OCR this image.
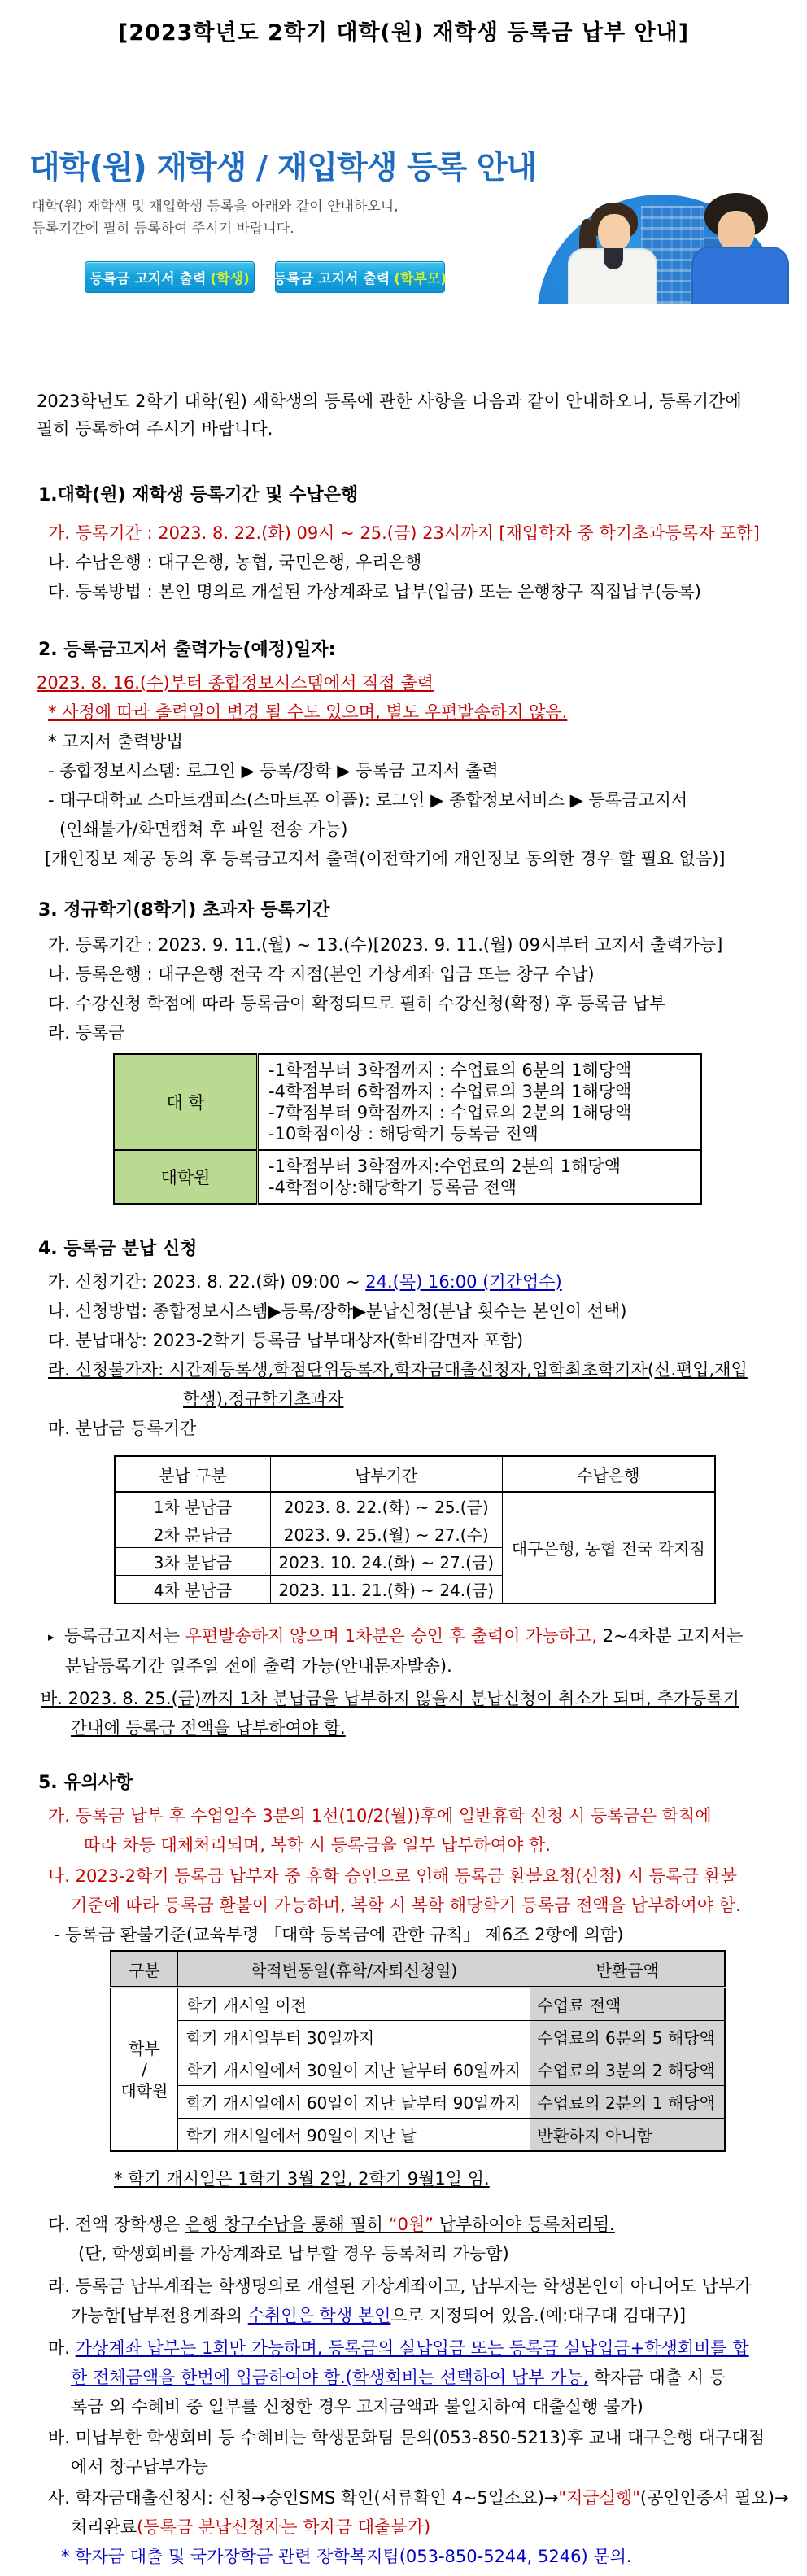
[2023학년도 2학기 대학(원) 재학생 등록금 납부 안내]
대학(원) 재학생 / 재입학생 등록 안내
대학(원) 재학생 및 재입학생 등록을 아래와 같이 안내하오니,
등록기간에 필히 등록하여 주시기 바랍니다.
등록금 고지서 출력 (학생) 등록금 고지서 출력 (학부모)
2023학년도 2학기 대학(원) 재학생의 등록에 관한 사항을 다음과 같이 안내하오니, 등록기간에
필히 등록하여 주시기 바랍니다.
1.대학(원) 재학생 등록기간 및 수납은행
가. 등록기간 : 2023. 8. 22.(화) 09시 ~ 25.(금) 23시까지 [재입학자 중 학기초과등록자 포함]
나. 수납은행 : 대구은행, 농협, 국민은행, 우리은행
다. 등록방법 : 본인 명의로 개설된 가상계좌로 납부(입금) 또는 은행창구 직접납부(등록)
2. 등록금고지서 출력가능(예정)일자:
2023. 8. 16.(수)부터 종합정보시스템에서 직접 출력
* 사정에 따라 출력일이 변경 될 수도 있으며, 별도 우편발송하지 않음.
* 고지서 출력방법
- 종합정보시스템: 로그인 ▶ 등록/장학 ▶ 등록금 고지서 출력
- 대구대학교 스마트캠퍼스(스마트폰 어플): 로그인 ▶ 종합정보서비스 ▶ 등록금고지서
(인쇄불가/화면캡쳐 후 파일 전송 가능)
[개인정보 제공 동의 후 등록금고지서 출력(이전학기에 개인정보 동의한 경우 할 필요 없음)]
3. 정규학기(8학기) 초과자 등록기간
가. 등록기간 : 2023. 9. 11.(월) ~ 13.(수)[2023. 9. 11.(월) 09시부터 고지서 출력가능]
나. 등록은행 : 대구은행 전국 각 지점(본인 가상계좌 입금 또는 창구 수납)
다. 수강신청 학점에 따라 등록금이 확정되므로 필히 수강신청(확정) 후 등록금 납부
라. 등록금
대 학	-1학점부터 3학점까지 : 수업료의 6분의 1해당액
-4학점부터 6학점까지 : 수업료의 3분의 1해당액
-7학점부터 9학점까지 : 수업료의 2분의 1해당액
-10학점이상 : 해당학기 등록금 전액

대학원	-1학점부터 3학점까지:수업료의 2분의 1해당액
-4학점이상:해당학기 등록금 전액
4. 등록금 분납 신청
가. 신청기간: 2023. 8. 22.(화) 09:00 ~ 24.(목) 16:00 (기간엄수)
나. 신청방법: 종합정보시스템▶등록/장학▶분납신청(분납 횟수는 본인이 선택)
다. 분납대상: 2023-2학기 등록금 납부대상자(학비감면자 포함)
라. 신청불가자: 시간제등록생,학점단위등록자,학자금대출신청자,입학최초학기자(신.편입,재입
학생),정규학기초과자
마. 분납금 등록기간
분납 구분	납부기간	수납은행
1차 분납금	2023. 8. 22.(화) ~ 25.(금)	대구은행, 농협 전국 각지점
2차 분납금	2023. 9. 25.(월) ~ 27.(수)	
3차 분납금	2023. 10. 24.(화) ~ 27.(금)	
4차 분납금	2023. 11. 21.(화) ~ 24.(금)	
▸ 등록금고지서는 우편발송하지 않으며 1차분은 승인 후 출력이 가능하고, 2~4차분 고지서는
분납등록기간 일주일 전에 출력 가능(안내문자발송).
바. 2023. 8. 25.(금)까지 1차 분납금을 납부하지 않을시 분납신청이 취소가 되며, 추가등록기
간내에 등록금 전액을 납부하여야 함.
5. 유의사항
가. 등록금 납부 후 수업일수 3분의 1선(10/2(월))후에 일반휴학 신청 시 등록금은 학칙에
따라 차등 대체처리되며, 복학 시 등록금을 일부 납부하여야 함.
나. 2023-2학기 등록금 납부자 중 휴학 승인으로 인해 등록금 환불요청(신청) 시 등록금 환불
기준에 따라 등록금 환불이 가능하며, 복학 시 복학 해당학기 등록금 전액을 납부하여야 함.
- 등록금 환불기준(교육부령 「대학 등록금에 관한 규칙」 제6조 2항에 의함)
구분	학적변동일(휴학/자퇴신청일)	반환금액

학부
/
대학원	학기 개시일 이전	수업료 전액
	학기 개시일부터 30일까지	수업료의 6분의 5 해당액
	학기 개시일에서 30일이 지난 날부터 60일까지	수업료의 3분의 2 해당액
	학기 개시일에서 60일이 지난 날부터 90일까지	수업료의 2분의 1 해당액
	학기 개시일에서 90일이 지난 날	반환하지 아니함
* 학기 개시일은 1학기 3월 2일, 2학기 9월1일 임.
다. 전액 장학생은 은행 창구수납을 통해 필히 “0원” 납부하여야 등록처리됨.
(단, 학생회비를 가상계좌로 납부할 경우 등록처리 가능함)
라. 등록금 납부계좌는 학생명의로 개설된 가상계좌이고, 납부자는 학생본인이 아니어도 납부가
가능함[납부전용계좌의 수취인은 학생 본인으로 지정되어 있음.(예:대구대 김대구)]
마. 가상계좌 납부는 1회만 가능하며, 등록금의 실납입금 또는 등록금 실납입금+학생회비를 합
한 전체금액을 한번에 입금하여야 함.(학생회비는 선택하여 납부 가능, 학자금 대출 시 등
록금 외 수혜비 중 일부를 신청한 경우 고지금액과 불일치하여 대출실행 불가)
바. 미납부한 학생회비 등 수혜비는 학생문화팀 문의(053-850-5213)후 교내 대구은행 대구대점
에서 창구납부가능
사. 학자금대출신청시: 신청→승인SMS 확인(서류확인 4~5일소요)→"지급실행"(공인인증서 필요)→
처리완료(등록금 분납신청자는 학자금 대출불가)
* 학자금 대출 및 국가장학금 관련 장학복지팀(053-850-5244, 5246) 문의.
